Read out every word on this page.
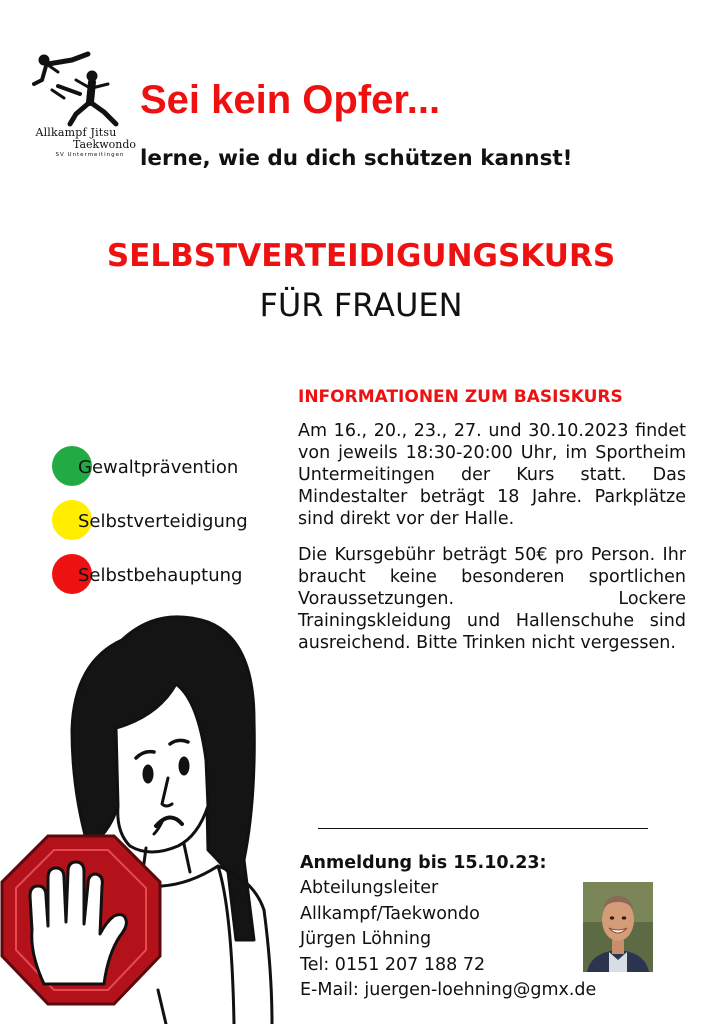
Allkampf Jitsu
Taekwondo
SV Untermeitingen
Sei kein Opfer...
lerne, wie du dich schützen kannst!
SELBSTVERTEIDIGUNGSKURS
FÜR FRAUEN
Gewaltprävention
Selbstverteidigung
Selbstbehauptung
INFORMATIONEN ZUM BASISKURS

Am 16., 20., 23., 27. und 30.10.2023 findet von jeweils 18:30-20:00 Uhr, im Sportheim Untermeitingen der Kurs statt. Das Mindestalter beträgt 18 Jahre. Parkplätze sind direkt vor der Halle.

Die Kursgebühr beträgt 50€ pro Person. Ihr braucht keine besonderen sportlichen Voraussetzungen. Lockere Trainingskleidung und Hallenschuhe sind ausreichend. Bitte Trinken nicht vergessen.

Anmeldung bis 15.10.23:
Abteilungsleiter
Allkampf/Taekwondo
Jürgen Löhning
Tel: 0151 207 188 72
E-Mail: juergen-loehning@gmx.de
